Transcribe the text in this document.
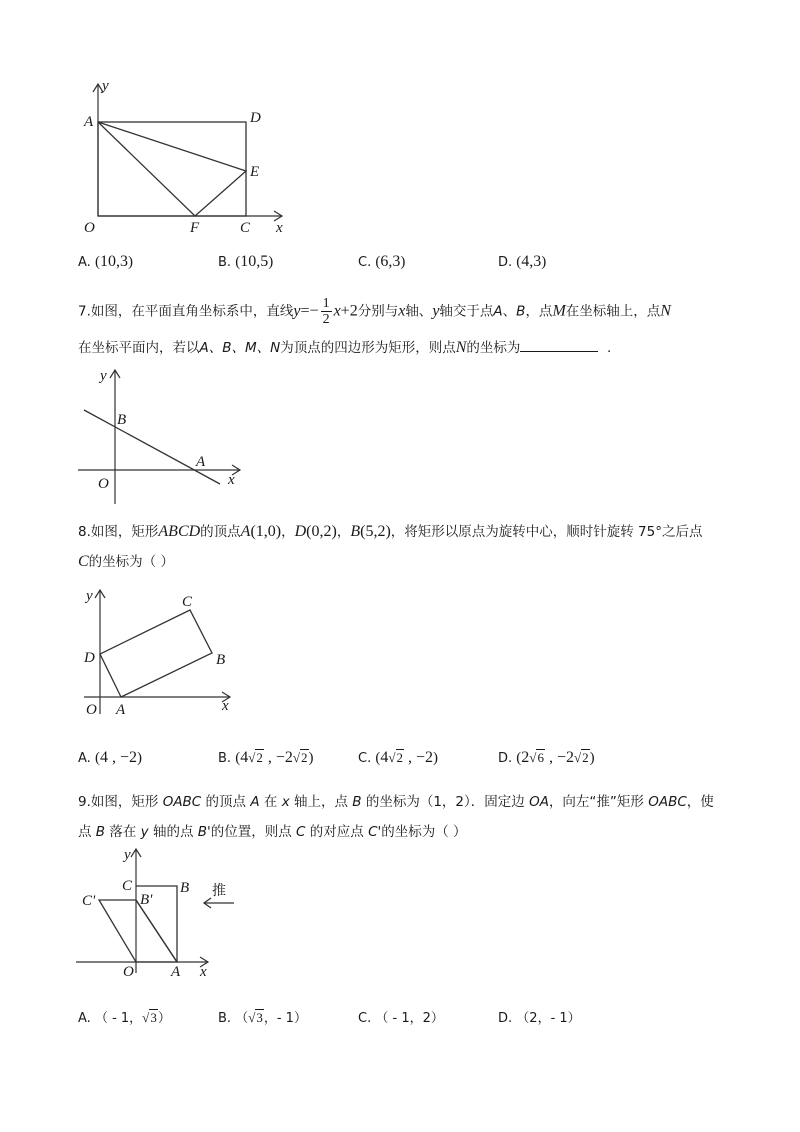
y
A	D
E
O	F	C x
A. (10,3)	B. (10,5)	C. (6,3)	D. (4,3)
7.如图，在平面直角坐标系中，直线$y=- \frac{1}{2} x+2$分别与x轴、y轴交于点A、B，点M在坐标轴上，点N
在坐标平面内，若以A、B、M、N为顶点的四边形为矩形，则点N的坐标为	.
y
B
A
O	x
8.如图，矩形ABCD的顶点A(1,0)，D(0,2)，B(5,2)，将矩形以原点为旋转中心，顺时针旋转 75°之后点
C的坐标为（ ）
y	C
D	B
O A	x
A. (4 , −2)	B. (4√2 , −2√2)	C. (4√2 , −2)	D. (2√6 , −2√2)
9.如图，矩形 OABC 的顶点 A 在 x 轴上，点 B 的坐标为（1，2）．固定边 OA，向左“推”矩形 OABC，使
点 B 落在 y 轴的点 B'的位置，则点 C 的对应点 C'的坐标为（ ）
y
C	B
C'	B'
推
O A x
A. （ - 1，√3）	B. （√3，- 1）	C. （ - 1，2）	D. （2，- 1）
